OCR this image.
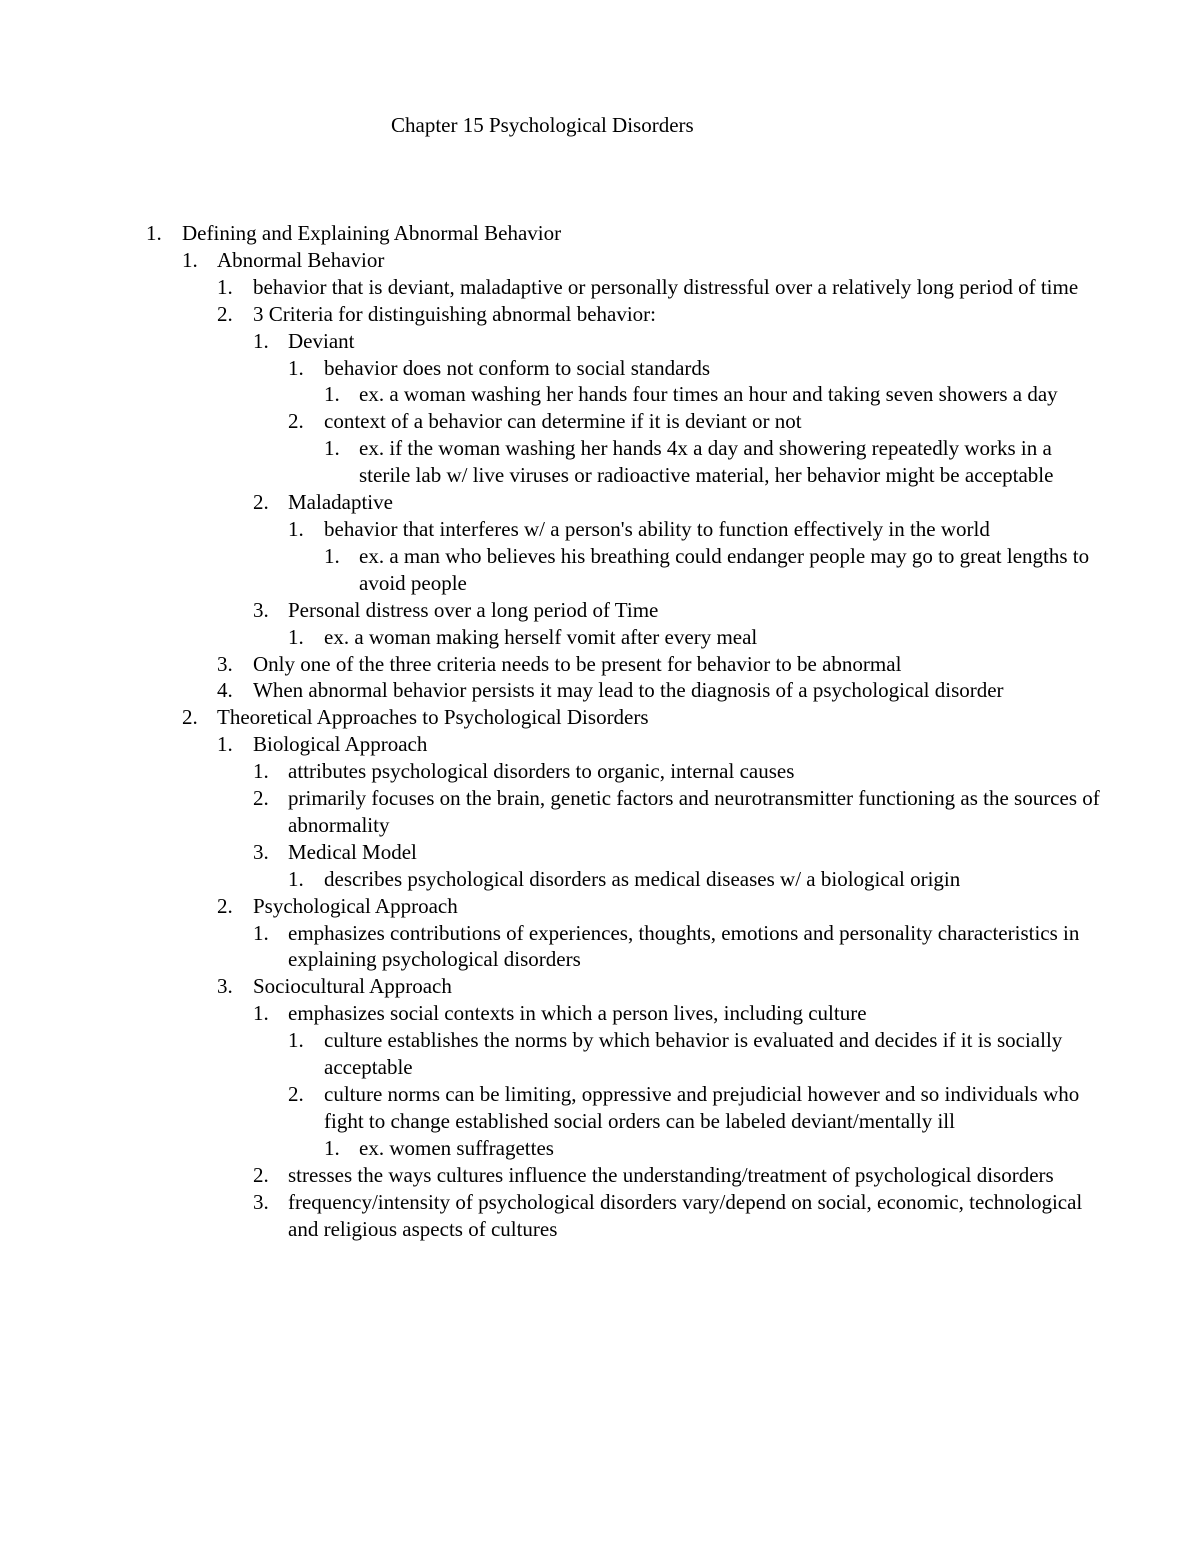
Chapter 15 Psychological Disorders
1. Defining and Explaining Abnormal Behavior
1. Abnormal Behavior
1. behavior that is deviant, maladaptive or personally distressful over a relatively long period of time
2. 3 Criteria for distinguishing abnormal behavior:
1. Deviant
1. behavior does not conform to social standards
1. ex. a woman washing her hands four times an hour and taking seven showers a day
2. context of a behavior can determine if it is deviant or not
1. ex. if the woman washing her hands 4x a day and showering repeatedly works in a sterile lab w/ live viruses or radioactive material, her behavior might be acceptable
2. Maladaptive
1. behavior that interferes w/ a person's ability to function effectively in the world
1. ex. a man who believes his breathing could endanger people may go to great lengths to avoid people
3. Personal distress over a long period of Time
1. ex. a woman making herself vomit after every meal
3. Only one of the three criteria needs to be present for behavior to be abnormal
4. When abnormal behavior persists it may lead to the diagnosis of a psychological disorder
2. Theoretical Approaches to Psychological Disorders
1. Biological Approach
1. attributes psychological disorders to organic, internal causes
2. primarily focuses on the brain, genetic factors and neurotransmitter functioning as the sources of abnormality
3. Medical Model
1. describes psychological disorders as medical diseases w/ a biological origin
2. Psychological Approach
1. emphasizes contributions of experiences, thoughts, emotions and personality characteristics in explaining psychological disorders
3. Sociocultural Approach
1. emphasizes social contexts in which a person lives, including culture
1. culture establishes the norms by which behavior is evaluated and decides if it is socially acceptable
2. culture norms can be limiting, oppressive and prejudicial however and so individuals who fight to change established social orders can be labeled deviant/mentally ill
1. ex. women suffragettes
2. stresses the ways cultures influence the understanding/treatment of psychological disorders
3. frequency/intensity of psychological disorders vary/depend on social, economic, technological and religious aspects of cultures
